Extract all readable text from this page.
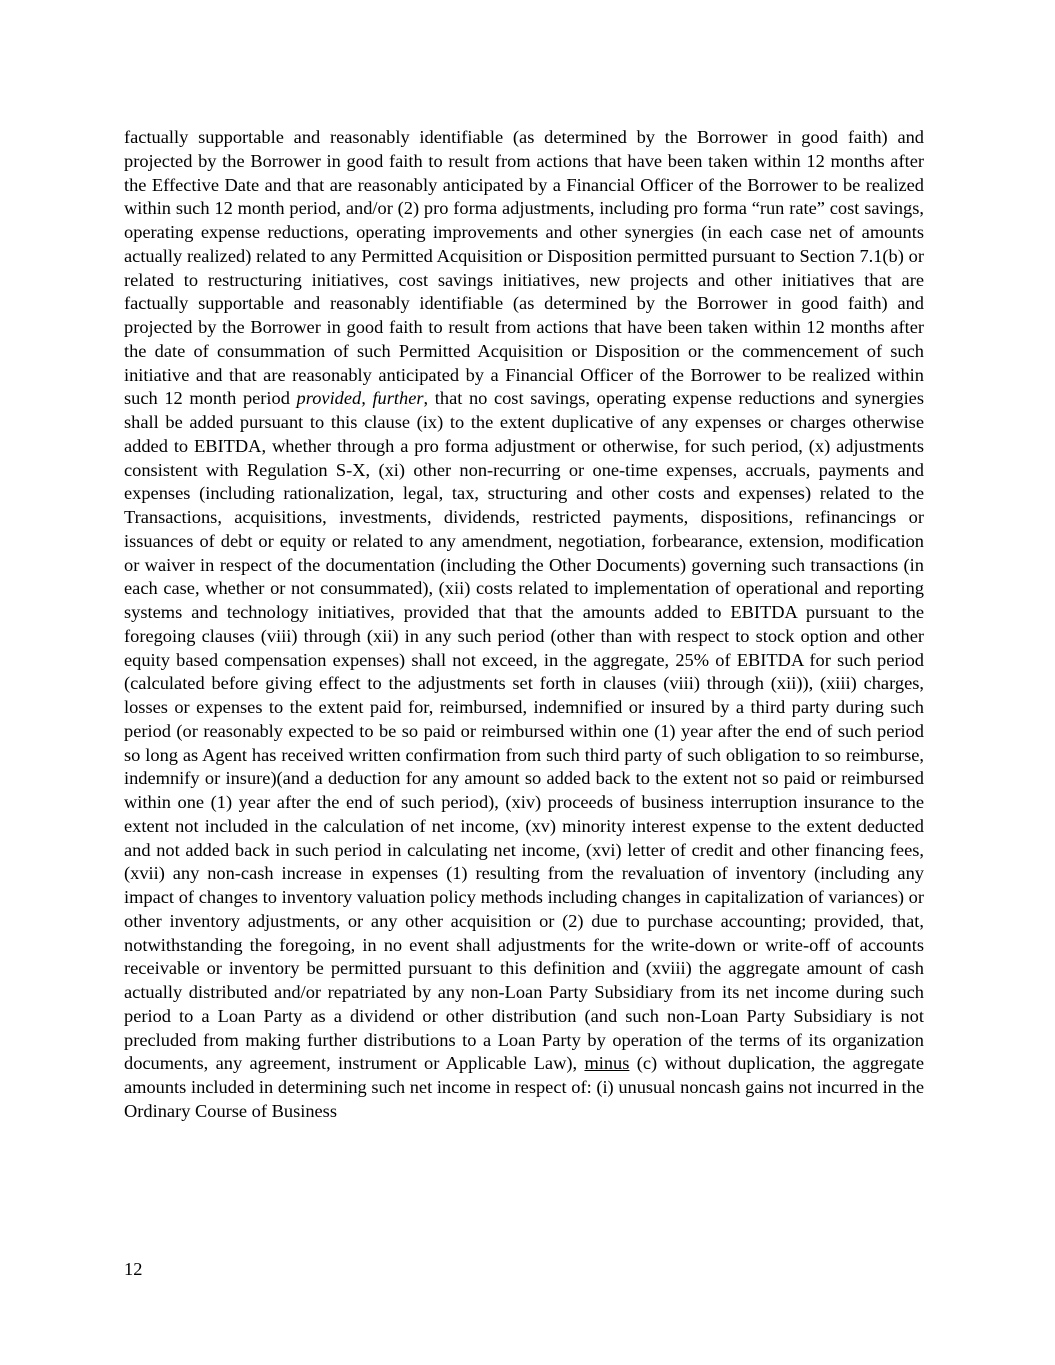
factually supportable and reasonably identifiable (as determined by the Borrower in good faith) and projected by the Borrower in good faith to result from actions that have been taken within 12 months after the Effective Date and that are reasonably anticipated by a Financial Officer of the Borrower to be realized within such 12 month period, and/or (2) pro forma adjustments, including pro forma “run rate” cost savings, operating expense reductions, operating improvements and other synergies (in each case net of amounts actually realized) related to any Permitted Acquisition or Disposition permitted pursuant to Section 7.1(b) or related to restructuring initiatives, cost savings initiatives, new projects and other initiatives that are factually supportable and reasonably identifiable (as determined by the Borrower in good faith) and projected by the Borrower in good faith to result from actions that have been taken within 12 months after the date of consummation of such Permitted Acquisition or Disposition or the commencement of such initiative and that are reasonably anticipated by a Financial Officer of the Borrower to be realized within such 12 month period provided, further, that no cost savings, operating expense reductions and synergies shall be added pursuant to this clause (ix) to the extent duplicative of any expenses or charges otherwise added to EBITDA, whether through a pro forma adjustment or otherwise, for such period, (x) adjustments consistent with Regulation S-X, (xi) other non-recurring or one-time expenses, accruals, payments and expenses (including rationalization, legal, tax, structuring and other costs and expenses) related to the Transactions, acquisitions, investments, dividends, restricted payments, dispositions, refinancings or issuances of debt or equity or related to any amendment, negotiation, forbearance, extension, modification or waiver in respect of the documentation (including the Other Documents) governing such transactions (in each case, whether or not consummated), (xii) costs related to implementation of operational and reporting systems and technology initiatives, provided that that the amounts added to EBITDA pursuant to the foregoing clauses (viii) through (xii) in any such period (other than with respect to stock option and other equity based compensation expenses) shall not exceed, in the aggregate, 25% of EBITDA for such period (calculated before giving effect to the adjustments set forth in clauses (viii) through (xii)), (xiii) charges, losses or expenses to the extent paid for, reimbursed, indemnified or insured by a third party during such period (or reasonably expected to be so paid or reimbursed within one (1) year after the end of such period so long as Agent has received written confirmation from such third party of such obligation to so reimburse, indemnify or insure)(and a deduction for any amount so added back to the extent not so paid or reimbursed within one (1) year after the end of such period), (xiv) proceeds of business interruption insurance to the extent not included in the calculation of net income, (xv) minority interest expense to the extent deducted and not added back in such period in calculating net income, (xvi) letter of credit and other financing fees, (xvii) any non-cash increase in expenses (1) resulting from the revaluation of inventory (including any impact of changes to inventory valuation policy methods including changes in capitalization of variances) or other inventory adjustments, or any other acquisition or (2) due to purchase accounting; provided, that, notwithstanding the foregoing, in no event shall adjustments for the write-down or write-off of accounts receivable or inventory be permitted pursuant to this definition and (xviii) the aggregate amount of cash actually distributed and/or repatriated by any non-Loan Party Subsidiary from its net income during such period to a Loan Party as a dividend or other distribution (and such non-Loan Party Subsidiary is not precluded from making further distributions to a Loan Party by operation of the terms of its organization documents, any agreement, instrument or Applicable Law), minus (c) without duplication, the aggregate amounts included in determining such net income in respect of: (i) unusual noncash gains not incurred in the Ordinary Course of Business

12
